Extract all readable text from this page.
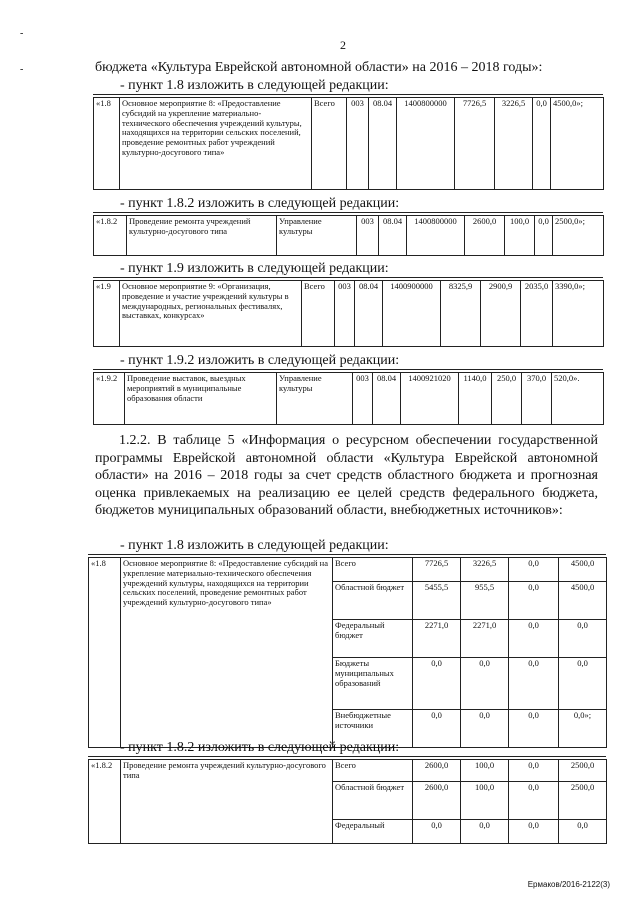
-
-
2
бюджета «Культура Еврейской автономной области» на 2016 – 2018 годы»:
- пункт 1.8 изложить в следующей редакции:
«1.8	Основное мероприятие 8: «Предоставление субсидий на укрепление материально-технического обеспечения учреждений культуры, находящихся на территории сельских поселений, проведение ремонтных работ учреждений культурно-досугового типа»	Всего	003	08.04	1400800000	7726,5	3226,5	0,0	4500,0»;
- пункт 1.8.2 изложить в следующей редакции:
«1.8.2	Проведение ремонта учреждений культурно-досугового типа	Управление культуры	003	08.04	1400800000	2600,0	100,0	0,0	2500,0»;
- пункт 1.9 изложить в следующей редакции:
«1.9	Основное мероприятие 9: «Организация, проведение и участие учреждений культуры в международных, региональных фестивалях, выставках, конкурсах»	Всего	003	08.04	1400900000	8325,9	2900,9	2035,0	3390,0»;
- пункт 1.9.2 изложить в следующей редакции:
«1.9.2	Проведение выставок, выездных мероприятий в муниципальные образования области	Управление культуры	003	08.04	1400921020	1140,0	250,0	370,0	520,0».

1.2.2. В таблице 5 «Информация о ресурсном обеспечении государственной программы Еврейской автономной области «Культура Еврейской автономной области» на 2016 – 2018 годы за счет средств областного бюджета и прогнозная оценка привлекаемых на реализацию ее целей средств федерального бюджета, бюджетов муниципальных образований области, внебюджетных источников»:

- пункт 1.8 изложить в следующей редакции:
«1.8	Основное мероприятие 8: «Предоставление субсидий на укрепление материально-технического обеспечения учреждений культуры, находящихся на территории сельских поселений, проведение ремонтных работ учреждений культурно-досугового типа»	Всего	7726,5	3226,5	0,0	4500,0
		Областной бюджет	5455,5	955,5	0,0	4500,0
		Федеральный бюджет	2271,0	2271,0	0,0	0,0
		Бюджеты муниципальных образований	0,0	0,0	0,0	0,0
		Внебюджетные источники	0,0	0,0	0,0	0,0»;
- пункт 1.8.2 изложить в следующей редакции:
«1.8.2	Проведение ремонта учреждений культурно-досугового типа	Всего	2600,0	100,0	0,0	2500,0
		Областной бюджет	2600,0	100,0	0,0	2500,0
		Федеральный	0,0	0,0	0,0	0,0
Ермаков/2016-2122(3)
